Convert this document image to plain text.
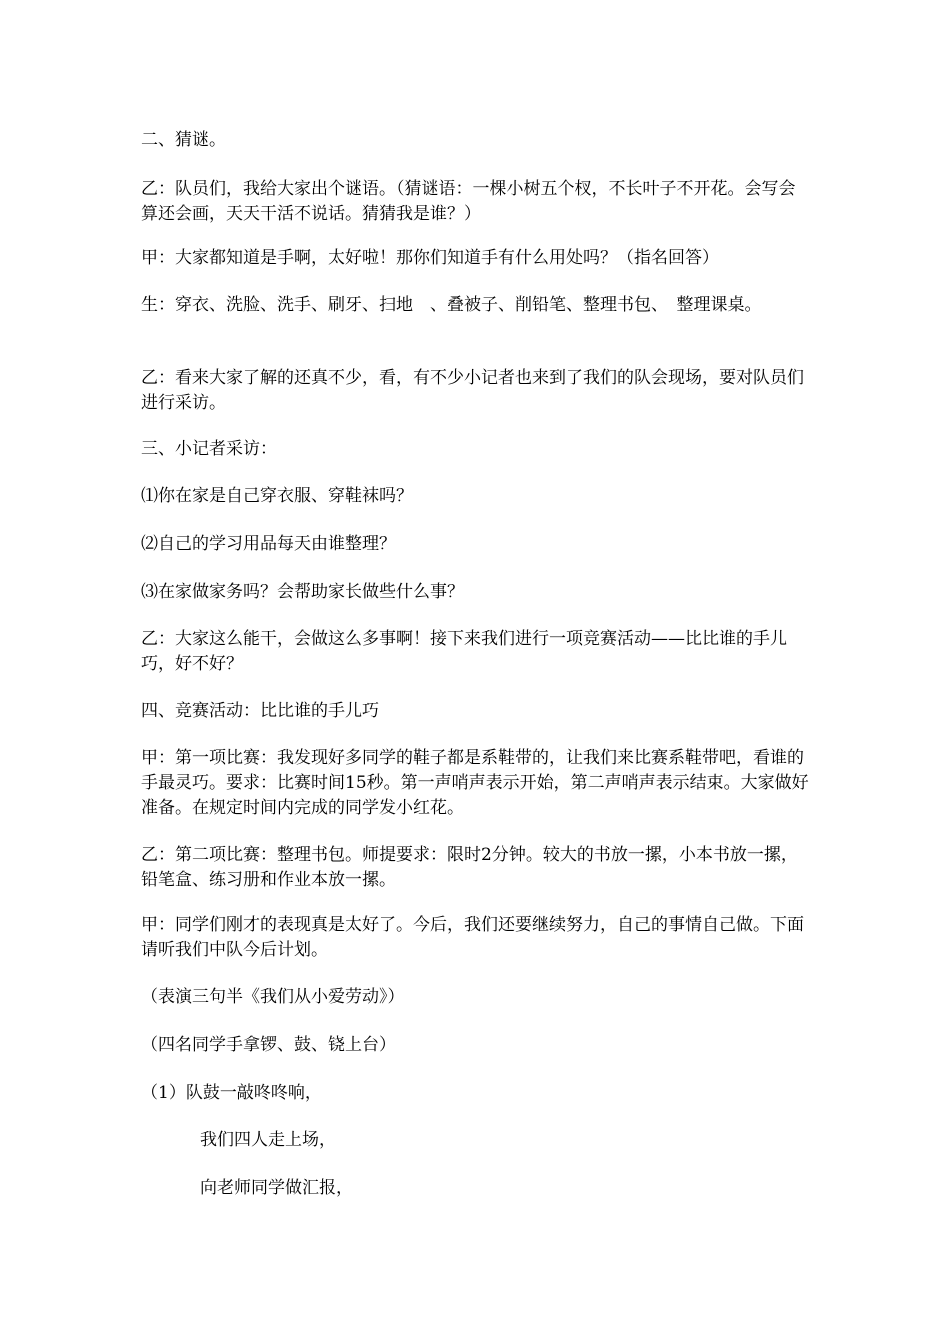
二、猜谜。

乙：队员们，我给大家出个谜语。（猜谜语：一棵小树五个杈，不长叶子不开花。会写会算还会画，天天干活不说话。猜猜我是谁？）

甲：大家都知道是手啊，太好啦！那你们知道手有什么用处吗？（指名回答）

生：穿衣、洗脸、洗手、刷牙、扫地　、叠被子、削铅笔、整理书包、　整理课桌。

乙：看来大家了解的还真不少，看，有不少小记者也来到了我们的队会现场，要对队员们进行采访。

三、小记者采访：

⑴你在家是自己穿衣服、穿鞋袜吗？

⑵自己的学习用品每天由谁整理？

⑶在家做家务吗？会帮助家长做些什么事？

乙：大家这么能干，会做这么多事啊！接下来我们进行一项竞赛活动——比比谁的手儿巧，好不好？

四、竞赛活动：比比谁的手儿巧

甲：第一项比赛：我发现好多同学的鞋子都是系鞋带的，让我们来比赛系鞋带吧，看谁的手最灵巧。要求：比赛时间15秒。第一声哨声表示开始，第二声哨声表示结束。大家做好准备。在规定时间内完成的同学发小红花。

乙：第二项比赛：整理书包。师提要求：限时2分钟。较大的书放一摞，小本书放一摞，铅笔盒、练习册和作业本放一摞。

甲：同学们刚才的表现真是太好了。今后，我们还要继续努力，自己的事情自己做。下面请听我们中队今后计划。

（表演三句半《我们从小爱劳动》）

（四名同学手拿锣、鼓、铙上台）

（1）队鼓一敲咚咚响，

我们四人走上场，

向老师同学做汇报，
